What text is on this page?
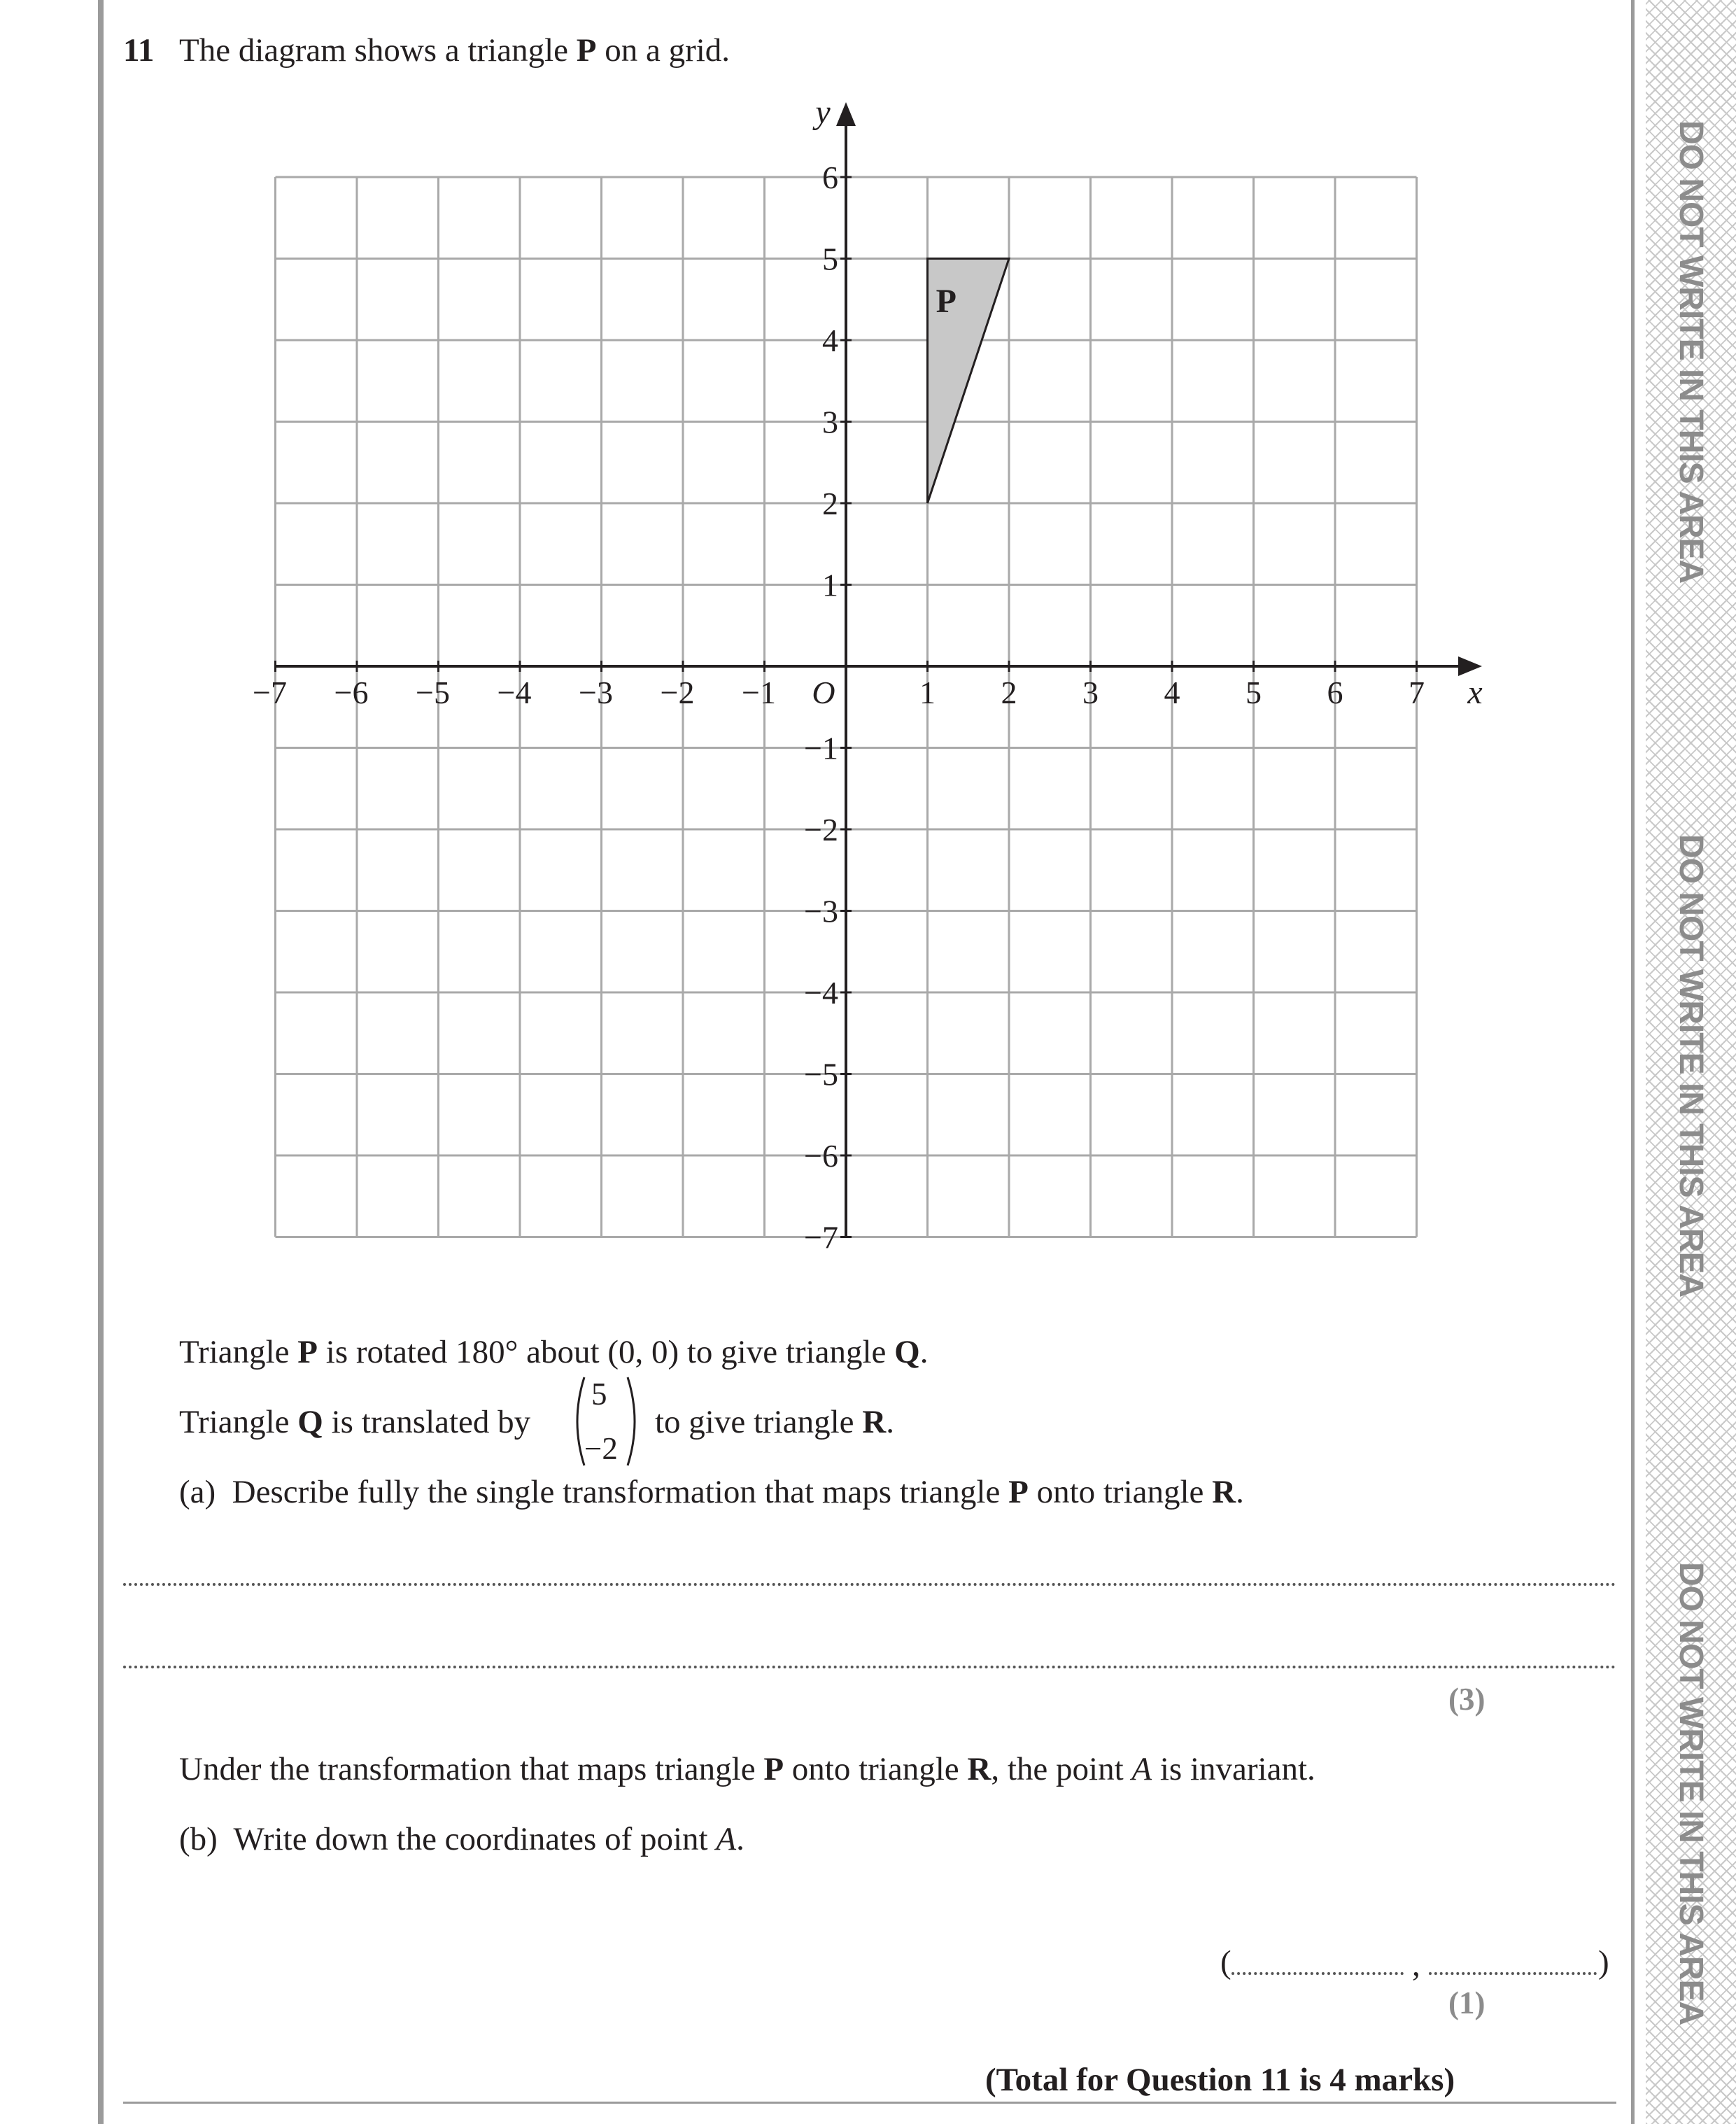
DO NOT WRITE IN THIS AREA
DO NOT WRITE IN THIS AREA
DO NOT WRITE IN THIS AREA
11 The diagram shows a triangle P on a grid.
P
−7 −6 −5 −4 −3 −2 −1	1 2 3 4 5 6 7
6
5
4
3
2
1
−1
−2
−3
−4
−5
−6
−7
O	x
y
Triangle P is rotated 180° about (0, 0) to give triangle Q.
Triangle Q is translated by
5
−2
to give triangle R.
(a) Describe fully the single transformation that maps triangle P onto triangle R.
(3)
Under the transformation that maps triangle P onto triangle R, the point A is invariant.
(b) Write down the coordinates of point A.
(	,	)
(1)
(Total for Question 11 is 4 marks)
